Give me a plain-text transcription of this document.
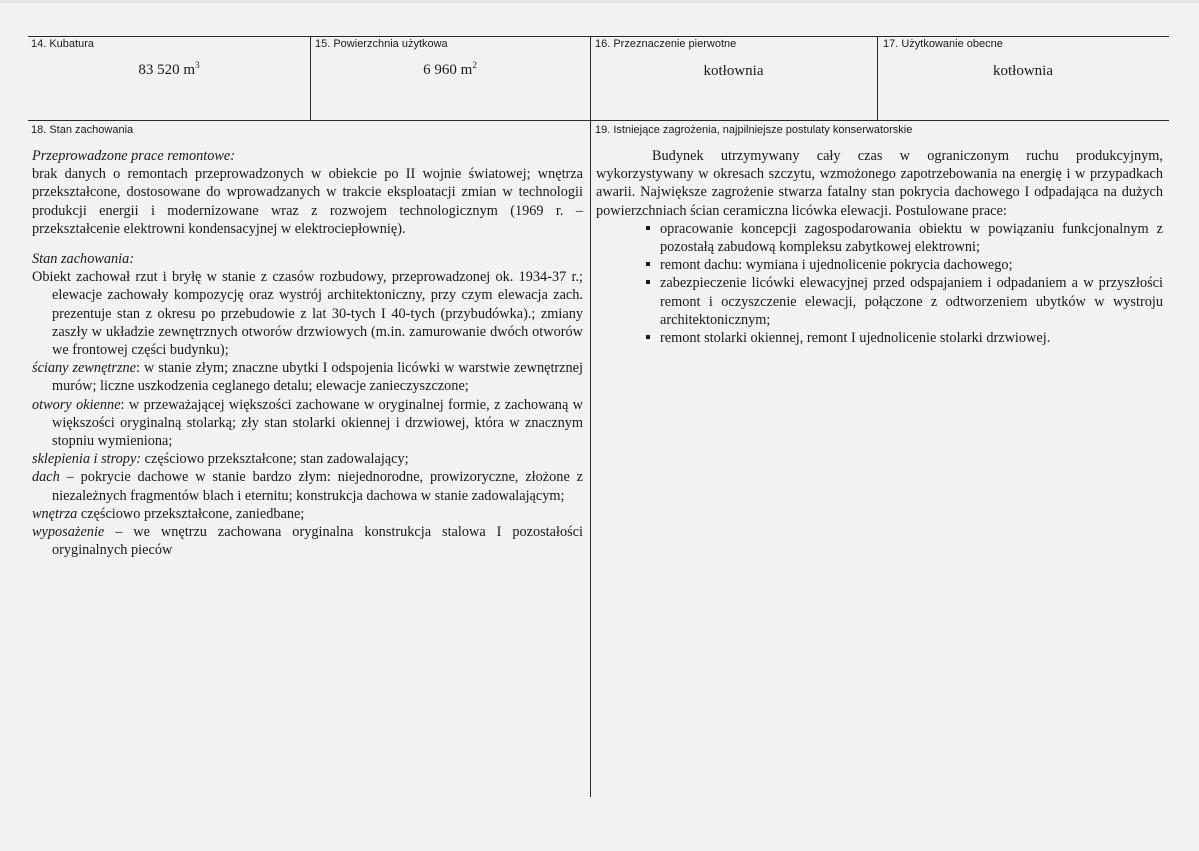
14. Kubatura
83 520 $m^3$
15. Powierzchnia użytkowa
6 960 $m^2$
16. Przeznaczenie pierwotne
kotłownia
17. Użytkowanie obecne
kotłownia
18. Stan zachowania	19. Istniejące zagrożenia, najpilniejsze postulaty konserwatorskie
Przeprowadzone prace remontowe:
brak danych o remontach przeprowadzonych w obiekcie po II wojnie światowej; wnętrza przekształcone, dostosowane do wprowadzanych w trakcie eksploatacji zmian w technologii produkcji energii i modernizowane wraz z rozwojem technologicznym (1969 r. – przekształcenie elektrowni kondensacyjnej w elektrociepłownię).
Stan zachowania:
Obiekt zachował rzut i bryłę w stanie z czasów rozbudowy, przeprowadzonej ok. 1934-37 r.; elewacje zachowały kompozycję oraz wystrój architektoniczny, przy czym elewacja zach. prezentuje stan z okresu po przebudowie z lat 30-tych I 40-tych (przybudówka).; zmiany zaszły w układzie zewnętrznych otworów drzwiowych (m.in. zamurowanie dwóch otworów we frontowej części budynku);
ściany zewnętrzne: w stanie złym; znaczne ubytki I odspojenia licówki w warstwie zewnętrznej murów; liczne uszkodzenia ceglanego detalu; elewacje zanieczyszczone;
otwory okienne: w przeważającej większości zachowane w oryginalnej formie, z zachowaną w większości oryginalną stolarką; zły stan stolarki okiennej i drzwiowej, która w znacznym stopniu wymieniona;
sklepienia i stropy: częściowo przekształcone; stan zadowalający;
dach – pokrycie dachowe w stanie bardzo złym: niejednorodne, prowizoryczne, złożone z niezależnych fragmentów blach i eternitu; konstrukcja dachowa w stanie zadowalającym;
wnętrza częściowo przekształcone, zaniedbane;
wyposażenie – we wnętrzu zachowana oryginalna konstrukcja stalowa I pozostałości oryginalnych pieców
Budynek utrzymywany cały czas w ograniczonym ruchu produkcyjnym, wykorzystywany w okresach szczytu, wzmożonego zapotrzebowania na energię i w przypadkach awarii. Największe zagrożenie stwarza fatalny stan pokrycia dachowego I odpadająca na dużych powierzchniach ścian ceramiczna licówka elewacji. Postulowane prace:
opracowanie koncepcji zagospodarowania obiektu w powiązaniu funkcjonalnym z pozostałą zabudową kompleksu zabytkowej elektrowni;
remont dachu: wymiana i ujednolicenie pokrycia dachowego;
zabezpieczenie licówki elewacyjnej przed odspajaniem i odpadaniem a w przyszłości remont i oczyszczenie elewacji, połączone z odtworzeniem ubytków w wystroju architektonicznym;
remont stolarki okiennej, remont I ujednolicenie stolarki drzwiowej.
